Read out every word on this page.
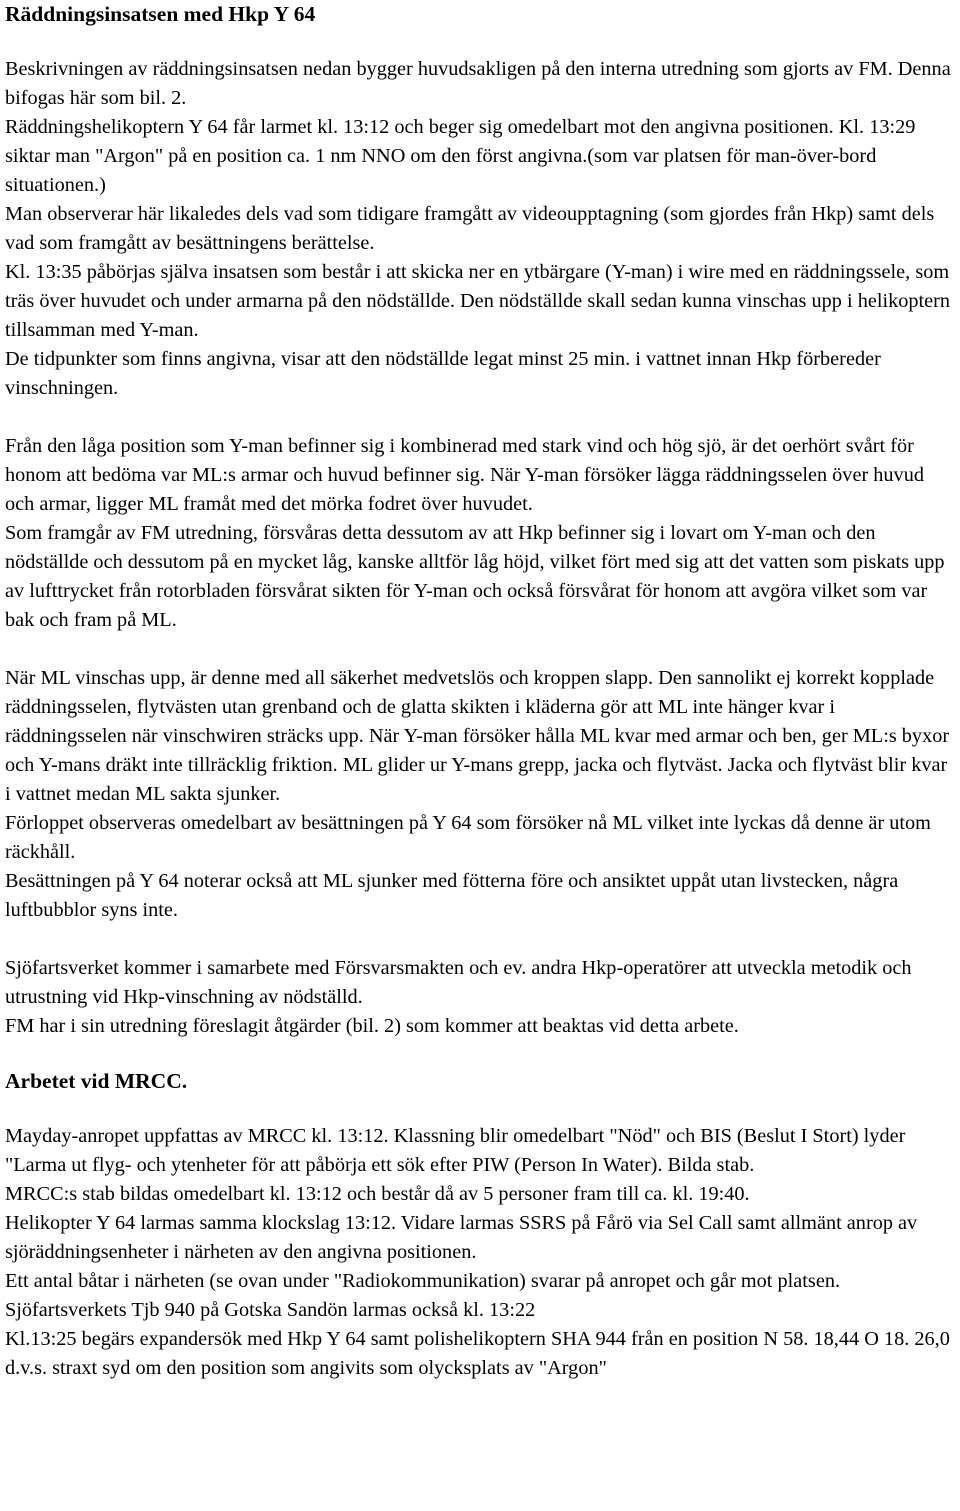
Räddningsinsatsen med Hkp Y 64

Beskrivningen av räddningsinsatsen nedan bygger huvudsakligen på den interna utredning som gjorts av FM. Denna bifogas här som bil. 2.

Räddningshelikoptern Y 64 får larmet kl. 13:12 och beger sig omedelbart mot den angivna positionen. Kl. 13:29 siktar man "Argon" på en position ca. 1 nm NNO om den först angivna.(som var platsen för man-över-bord situationen.)

Man observerar här likaledes dels vad som tidigare framgått av videoupptagning (som gjordes från Hkp) samt dels vad som framgått av besättningens berättelse.

Kl. 13:35 påbörjas själva insatsen som består i att skicka ner en ytbärgare (Y-man) i wire med en räddningssele, som träs över huvudet och under armarna på den nödställde. Den nödställde skall sedan kunna vinschas upp i helikoptern tillsamman med Y-man.

De tidpunkter som finns angivna, visar att den nödställde legat minst 25 min. i vattnet innan Hkp förbereder vinschningen.

Från den låga position som Y-man befinner sig i kombinerad med stark vind och hög sjö, är det oerhört svårt för honom att bedöma var ML:s armar och huvud befinner sig. När Y-man försöker lägga räddningsselen över huvud och armar, ligger ML framåt med det mörka fodret över huvudet.

Som framgår av FM utredning, försvåras detta dessutom av att Hkp befinner sig i lovart om Y-man och den nödställde och dessutom på en mycket låg, kanske alltför låg höjd, vilket fört med sig att det vatten som piskats upp av lufttrycket från rotorbladen försvårat sikten för Y-man och också försvårat för honom att avgöra vilket som var bak och fram på ML.

När ML vinschas upp, är denne med all säkerhet medvetslös och kroppen slapp. Den sannolikt ej korrekt kopplade räddningsselen, flytvästen utan grenband och de glatta skikten i kläderna gör att ML inte hänger kvar i räddningsselen när vinschwiren sträcks upp. När Y-man försöker hålla ML kvar med armar och ben, ger ML:s byxor och Y-mans dräkt inte tillräcklig friktion. ML glider ur Y-mans grepp, jacka och flytväst. Jacka och flytväst blir kvar i vattnet medan ML sakta sjunker.

Förloppet observeras omedelbart av besättningen på Y 64 som försöker nå ML vilket inte lyckas då denne är utom räckhåll.

Besättningen på Y 64 noterar också att ML sjunker med fötterna före och ansiktet uppåt utan livstecken, några luftbubblor syns inte.

Sjöfartsverket kommer i samarbete med Försvarsmakten och ev. andra Hkp-operatörer att utveckla metodik och utrustning vid Hkp-vinschning av nödställd.

FM har i sin utredning föreslagit åtgärder (bil. 2) som kommer att beaktas vid detta arbete.

Arbetet vid MRCC.

Mayday-anropet uppfattas av MRCC kl. 13:12. Klassning blir omedelbart "Nöd" och BIS (Beslut I Stort) lyder "Larma ut flyg- och ytenheter för att påbörja ett sök efter PIW (Person In Water). Bilda stab.

MRCC:s stab bildas omedelbart kl. 13:12 och består då av 5 personer fram till ca. kl. 19:40.

Helikopter Y 64 larmas samma klockslag 13:12. Vidare larmas SSRS på Fårö via Sel Call samt allmänt anrop av sjöräddningsenheter i närheten av den angivna positionen.

Ett antal båtar i närheten (se ovan under "Radiokommunikation) svarar på anropet och går mot platsen. Sjöfartsverkets Tjb 940 på Gotska Sandön larmas också kl. 13:22

Kl.13:25 begärs expandersök med Hkp Y 64 samt polishelikoptern SHA 944 från en position N 58. 18,44 O 18. 26,0 d.v.s. straxt syd om den position som angivits som olycksplats av "Argon"
